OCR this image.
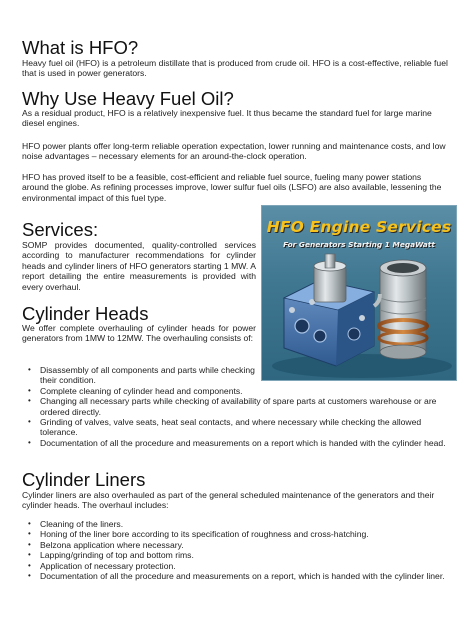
What is HFO?

Heavy fuel oil (HFO) is a petroleum distillate that is produced from crude oil. HFO is a cost-effective, reliable fuel that is used in power generators.

Why Use Heavy Fuel Oil?

As a residual product, HFO is a relatively inexpensive fuel. It thus became the standard fuel for large marine diesel engines.

HFO power plants offer long-term reliable operation expectation, lower running and maintenance costs, and low noise advantages – necessary elements for an around-the-clock operation.

HFO has proved itself to be a feasible, cost-efficient and reliable fuel source, fueling many power stations around the globe. As refining processes improve, lower sulfur fuel oils (LSFO) are also available, lessening the environmental impact of this fuel type.

Services:

SOMP provides documented, quality-controlled services according to manufacturer recommendations for cylinder heads and cylinder liners of HFO generators starting 1 MW. A report detailing the entire measurements is provided with every overhaul.

Cylinder Heads

We offer complete overhauling of cylinder heads for power generators from 1MW to 12MW. The overhauling consists of:

• Disassembly of all components and parts while checking their condition.
• Complete cleaning of cylinder head and components.
• Changing all necessary parts while checking of availability of spare parts at customers warehouse or are ordered directly.
• Grinding of valves, valve seats, heat seal contacts, and where necessary while checking the allowed tolerance.
• Documentation of all the procedure and measurements on a report which is handed with the cylinder head.
Cylinder Liners

Cylinder liners are also overhauled as part of the general scheduled maintenance of the generators and their cylinder heads. The overhaul includes:

• Cleaning of the liners.
• Honing of the liner bore according to its specification of roughness and cross-hatching.
• Belzona application where necessary.
• Lapping/grinding of top and bottom rims.
• Application of necessary protection.
• Documentation of all the procedure and measurements on a report, which is handed with the cylinder liner.
HFO Engine Services
For Generators Starting 1 MegaWatt
